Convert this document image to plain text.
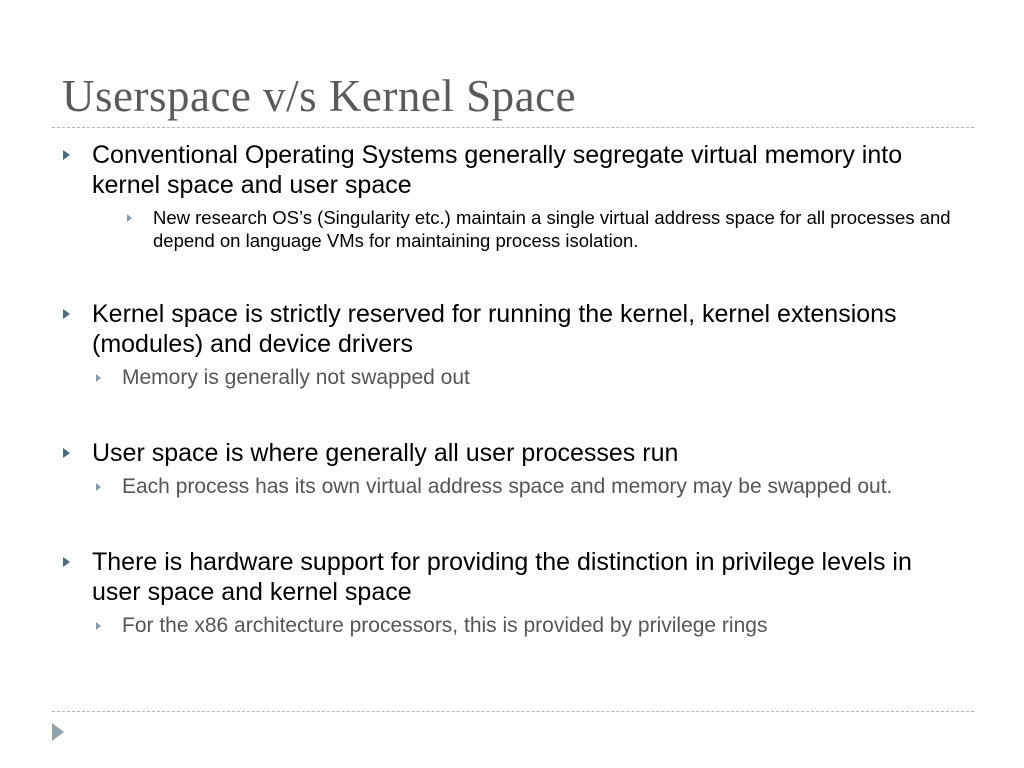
Userspace v/s Kernel Space
Conventional Operating Systems generally segregate virtual memory into kernel space and user space
New research OS’s (Singularity etc.) maintain a single virtual address space for all processes and depend on language VMs for maintaining process isolation.
Kernel space is strictly reserved for running the kernel, kernel extensions (modules) and device drivers
Memory is generally not swapped out
User space is where generally all user processes run
Each process has its own virtual address space and memory may be swapped out.
There is hardware support for providing the distinction in privilege levels in user space and kernel space
For the x86 architecture processors, this is provided by privilege rings
